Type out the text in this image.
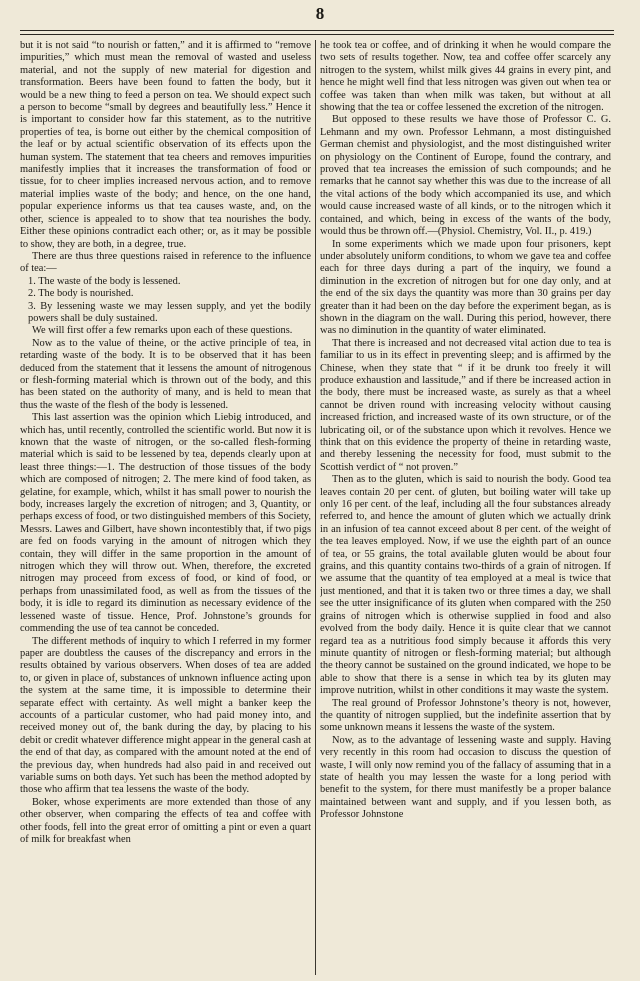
8

but it is not said “to nourish or fatten,” and it is affirmed to “remove impurities,” which must mean the removal of wasted and useless material, and not the supply of new material for digestion and transformation. Beers have been found to fatten the body, but it would be a new thing to feed a person on tea. We should expect such a person to become “small by degrees and beautifully less.” Hence it is important to consider how far this statement, as to the nutritive properties of tea, is borne out either by the chemical composition of the leaf or by actual scientific observation of its effects upon the human system. The statement that tea cheers and removes impurities manifestly implies that it increases the transformation of food or tissue, for to cheer implies increased nervous action, and to remove material implies waste of the body; and hence, on the one hand, popular experience informs us that tea causes waste, and, on the other, science is appealed to to show that tea nourishes the body. Either these opinions contradict each other; or, as it may be possible to show, they are both, in a degree, true.

There are thus three questions raised in reference to the influence of tea:—

1. The waste of the body is lessened.

2. The body is nourished.

3. By lessening waste we may lessen supply, and yet the bodily powers shall be duly sustained.

We will first offer a few remarks upon each of these questions.

Now as to the value of theine, or the active principle of tea, in retarding waste of the body. It is to be observed that it has been deduced from the statement that it lessens the amount of nitrogenous or flesh-forming material which is thrown out of the body, and this has been stated on the authority of many, and is held to mean that thus the waste of the flesh of the body is lessened.

This last assertion was the opinion which Liebig introduced, and which has, until recently, controlled the scientific world. But now it is known that the waste of nitrogen, or the so-called flesh-forming material which is said to be lessened by tea, depends clearly upon at least three things:—1. The destruction of those tissues of the body which are composed of nitrogen; 2. The mere kind of food taken, as gelatine, for example, which, whilst it has small power to nourish the body, increases largely the excretion of nitrogen; and 3, Quantity, or perhaps excess of food, or two distinguished members of this Society, Messrs. Lawes and Gilbert, have shown incontestibly that, if two pigs are fed on foods varying in the amount of nitrogen which they contain, they will differ in the same proportion in the amount of nitrogen which they will throw out. When, therefore, the excreted nitrogen may proceed from excess of food, or kind of food, or perhaps from unassimilated food, as well as from the tissues of the body, it is idle to regard its diminution as necessary evidence of the lessened waste of tissue. Hence, Prof. Johnstone’s grounds for commending the use of tea cannot be conceded.

The different methods of inquiry to which I referred in my former paper are doubtless the causes of the discrepancy and errors in the results obtained by various observers. When doses of tea are added to, or given in place of, substances of unknown influence acting upon the system at the same time, it is impossible to determine their separate effect with certainty. As well might a banker keep the accounts of a particular customer, who had paid money into, and received money out of, the bank during the day, by placing to his debit or credit whatever difference might appear in the general cash at the end of that day, as compared with the amount noted at the end of the previous day, when hundreds had also paid in and received out variable sums on both days. Yet such has been the method adopted by those who affirm that tea lessens the waste of the body.

Boker, whose experiments are more extended than those of any other observer, when comparing the effects of tea and coffee with other foods, fell into the great error of omitting a pint or even a quart of milk for breakfast when

he took tea or coffee, and of drinking it when he would compare the two sets of results together. Now, tea and coffee offer scarcely any nitrogen to the system, whilst milk gives 44 grains in every pint, and hence he might well find that less nitrogen was given out when tea or coffee was taken than when milk was taken, but without at all showing that the tea or coffee lessened the excretion of the nitrogen.

But opposed to these results we have those of Professor C. G. Lehmann and my own. Professor Lehmann, a most distinguished German chemist and physiologist, and the most distinguished writer on physiology on the Continent of Europe, found the contrary, and proved that tea increases the emission of such compounds; and he remarks that he cannot say whether this was due to the increase of all the vital actions of the body which accompanied its use, and which would cause increased waste of all kinds, or to the nitrogen which it contained, and which, being in excess of the wants of the body, would thus be thrown off.—(Physiol. Chemistry, Vol. II., p. 419.)

In some experiments which we made upon four prisoners, kept under absolutely uniform conditions, to whom we gave tea and coffee each for three days during a part of the inquiry, we found a diminution in the excretion of nitrogen but for one day only, and at the end of the six days the quantity was more than 30 grains per day greater than it had been on the day before the experiment began, as is shown in the diagram on the wall. During this period, however, there was no diminution in the quantity of water eliminated.

That there is increased and not decreased vital action due to tea is familiar to us in its effect in preventing sleep; and is affirmed by the Chinese, when they state that “ if it be drunk too freely it will produce exhaustion and lassitude,” and if there be increased action in the body, there must be increased waste, as surely as that a wheel cannot be driven round with increasing velocity without causing increased friction, and increased waste of its own structure, or of the lubricating oil, or of the substance upon which it revolves. Hence we think that on this evidence the property of theine in retarding waste, and thereby lessening the necessity for food, must submit to the Scottish verdict of “ not proven.”

Then as to the gluten, which is said to nourish the body. Good tea leaves contain 20 per cent. of gluten, but boiling water will take up only 16 per cent. of the leaf, including all the four substances already referred to, and hence the amount of gluten which we actually drink in an infusion of tea cannot exceed about 8 per cent. of the weight of the tea leaves employed. Now, if we use the eighth part of an ounce of tea, or 55 grains, the total available gluten would be about four grains, and this quantity contains two-thirds of a grain of nitrogen. If we assume that the quantity of tea employed at a meal is twice that just mentioned, and that it is taken two or three times a day, we shall see the utter insignificance of its gluten when compared with the 250 grains of nitrogen which is otherwise supplied in food and also evolved from the body daily. Hence it is quite clear that we cannot regard tea as a nutritious food simply because it affords this very minute quantity of nitrogen or flesh-forming material; but although the theory cannot be sustained on the ground indicated, we hope to be able to show that there is a sense in which tea by its gluten may improve nutrition, whilst in other conditions it may waste the system.

The real ground of Professor Johnstone’s theory is not, however, the quantity of nitrogen supplied, but the indefinite assertion that by some unknown means it lessens the waste of the system.

Now, as to the advantage of lessening waste and supply. Having very recently in this room had occasion to discuss the question of waste, I will only now remind you of the fallacy of assuming that in a state of health you may lessen the waste for a long period with benefit to the system, for there must manifestly be a proper balance maintained between want and supply, and if you lessen both, as Professor Johnstone
